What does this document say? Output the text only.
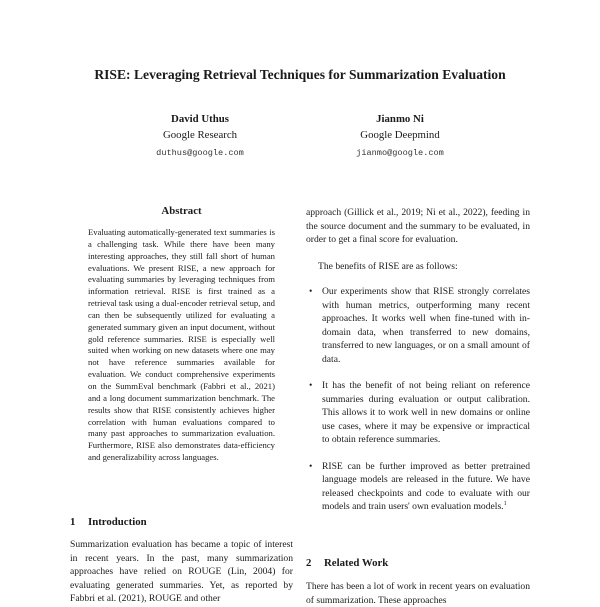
RISE: Leveraging Retrieval Techniques for Summarization Evaluation
David Uthus
Google Research
duthus@google.com
Jianmo Ni
Google Deepmind
jianmo@google.com
Abstract
Evaluating automatically-generated text summaries is a challenging task. While there have been many interesting approaches, they still fall short of human evaluations. We present RISE, a new approach for evaluating summaries by leveraging techniques from information retrieval. RISE is first trained as a retrieval task using a dual-encoder retrieval setup, and can then be subsequently utilized for evaluating a generated summary given an input document, without gold reference summaries. RISE is especially well suited when working on new datasets where one may not have reference summaries available for evaluation. We conduct comprehensive experiments on the SummEval benchmark (Fabbri et al., 2021) and a long document summarization benchmark. The results show that RISE consistently achieves higher correlation with human evaluations compared to many past approaches to summarization evaluation. Furthermore, RISE also demonstrates data-efficiency and generalizability across languages.
1 Introduction
Summarization evaluation has became a topic of interest in recent years. In the past, many summarization approaches have relied on ROUGE (Lin, 2004) for evaluating generated summaries. Yet, as reported by Fabbri et al. (2021), ROUGE and other
approach (Gillick et al., 2019; Ni et al., 2022), feeding in the source document and the summary to be evaluated, in order to get a final score for evaluation.
The benefits of RISE are as follows:
• Our experiments show that RISE strongly correlates with human metrics, outperforming many recent approaches. It works well when fine-tuned with in-domain data, when transferred to new domains, transferred to new languages, or on a small amount of data.
• It has the benefit of not being reliant on reference summaries during evaluation or output calibration. This allows it to work well in new domains or online use cases, where it may be expensive or impractical to obtain reference summaries.
• RISE can be further improved as better pretrained language models are released in the future. We have released checkpoints and code to evaluate with our models and train users' own evaluation models.$^1$
2 Related Work
There has been a lot of work in recent years on evaluation of summarization. These approaches
